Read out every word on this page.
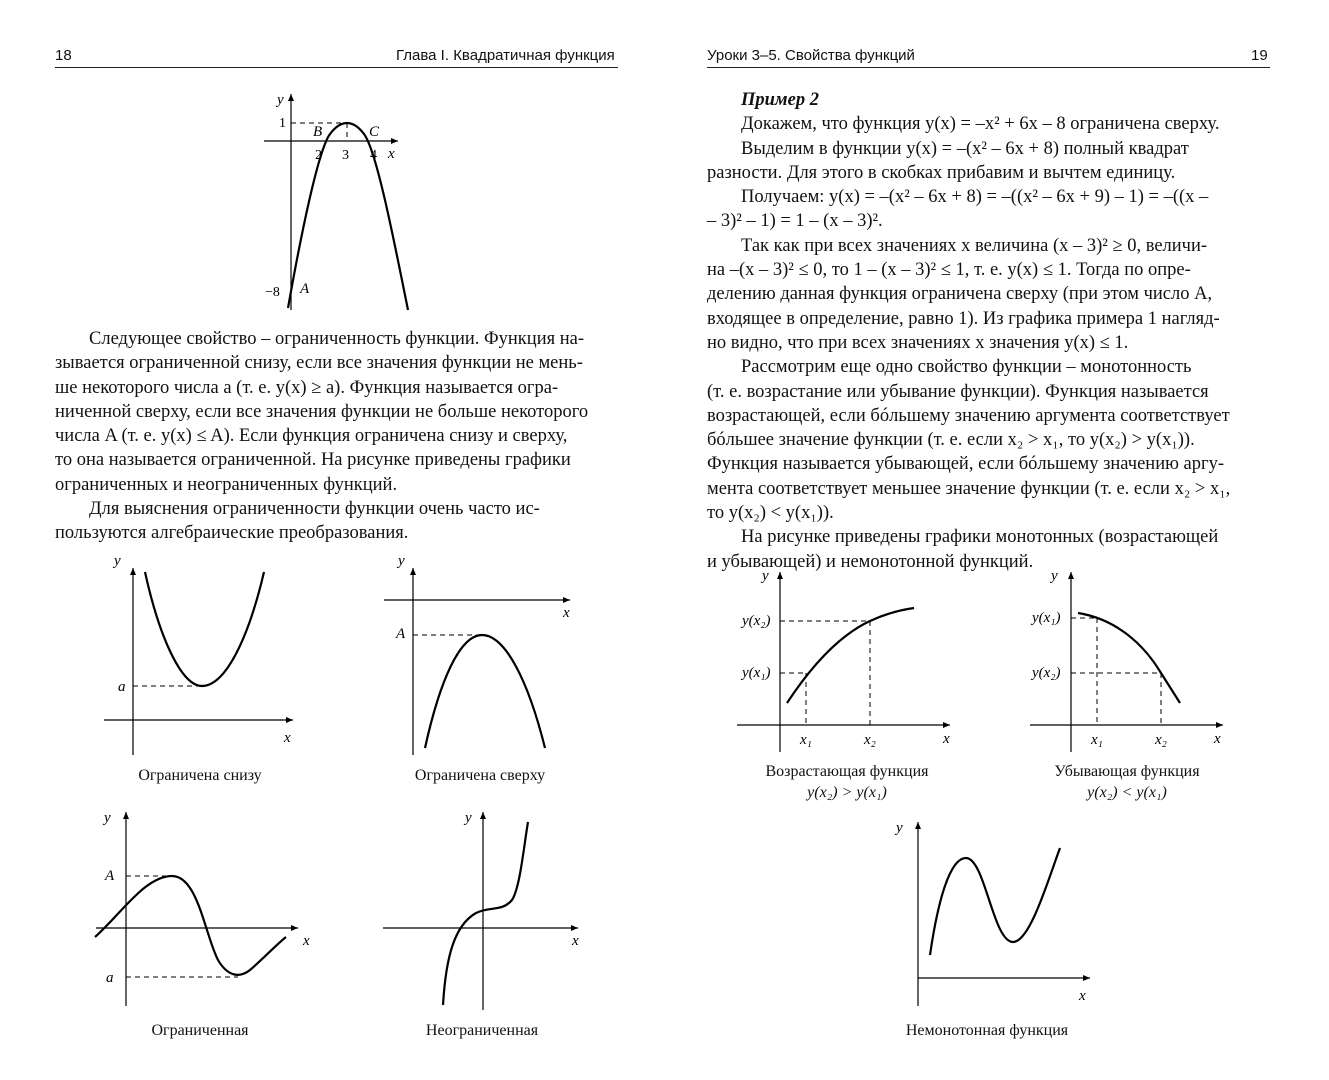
18	Глава I. Квадратичная функция
Следующее свойство – ограниченность функции. Функция на-
зывается ограниченной снизу, если все значения функции не мень-
ше некоторого числа a (т. е. y(x) ≥ a). Функция называется огра-
ниченной сверху, если все значения функции не больше некоторого
числа A (т. е. y(x) ≤ A). Если функция ограничена снизу и сверху,
то она называется ограниченной. На рисунке приведены графики
ограниченных и неограниченных функций.
Для выяснения ограниченности функции очень часто ис-
пользуются алгебраические преобразования.
Уроки 3–5. Свойства функций	19
Пример 2
Докажем, что функция y(x) = –x² + 6x – 8 ограничена сверху.
Выделим в функции y(x) = –(x² – 6x + 8) полный квадрат
разности. Для этого в скобках прибавим и вычтем единицу.
Получаем: y(x) = –(x² – 6x + 8) = –((x² – 6x + 9) – 1) = –((x –
– 3)² – 1) = 1 – (x – 3)².
Так как при всех значениях x величина (x – 3)² ≥ 0, величи-
на –(x – 3)² ≤ 0, то 1 – (x – 3)² ≤ 1, т. е. y(x) ≤ 1. Тогда по опре-
делению данная функция ограничена сверху (при этом число A,
входящее в определение, равно 1). Из графика примера 1 нагляд-
но видно, что при всех значениях x значения y(x) ≤ 1.
Рассмотрим еще одно свойство функции – монотонность
(т. е. возрастание или убывание функции). Функция называется
возрастающей, если бóльшему значению аргумента соответствует
бóльшее значение функции (т. е. если x₂ > x₁, то y(x₂) > y(x₁)).
Функция называется убывающей, если бóльшему значению аргу-
мента соответствует меньшее значение функции (т. е. если x₂ > x₁,
то y(x₂) < y(x₁)).
На рисунке приведены графики монотонных (возрастающей
и убывающей) и немонотонной функций.
Ограничена снизу	Ограничена сверху
Ограниченная	Неограниченная
Возрастающая функция
y(x₂) > y(x₁)
Убывающая функция
y(x₂) < y(x₁)
Немонотонная функция
y
x
1
B	C
2 3 4
−8 A
y
x
a
y
x
A
y
x
A
a
y
x
y
x
y(x₂)
y(x₁)
x₁	x₂
y
x
y(x₁)
y(x₂)
x₁	x₂
y
x
